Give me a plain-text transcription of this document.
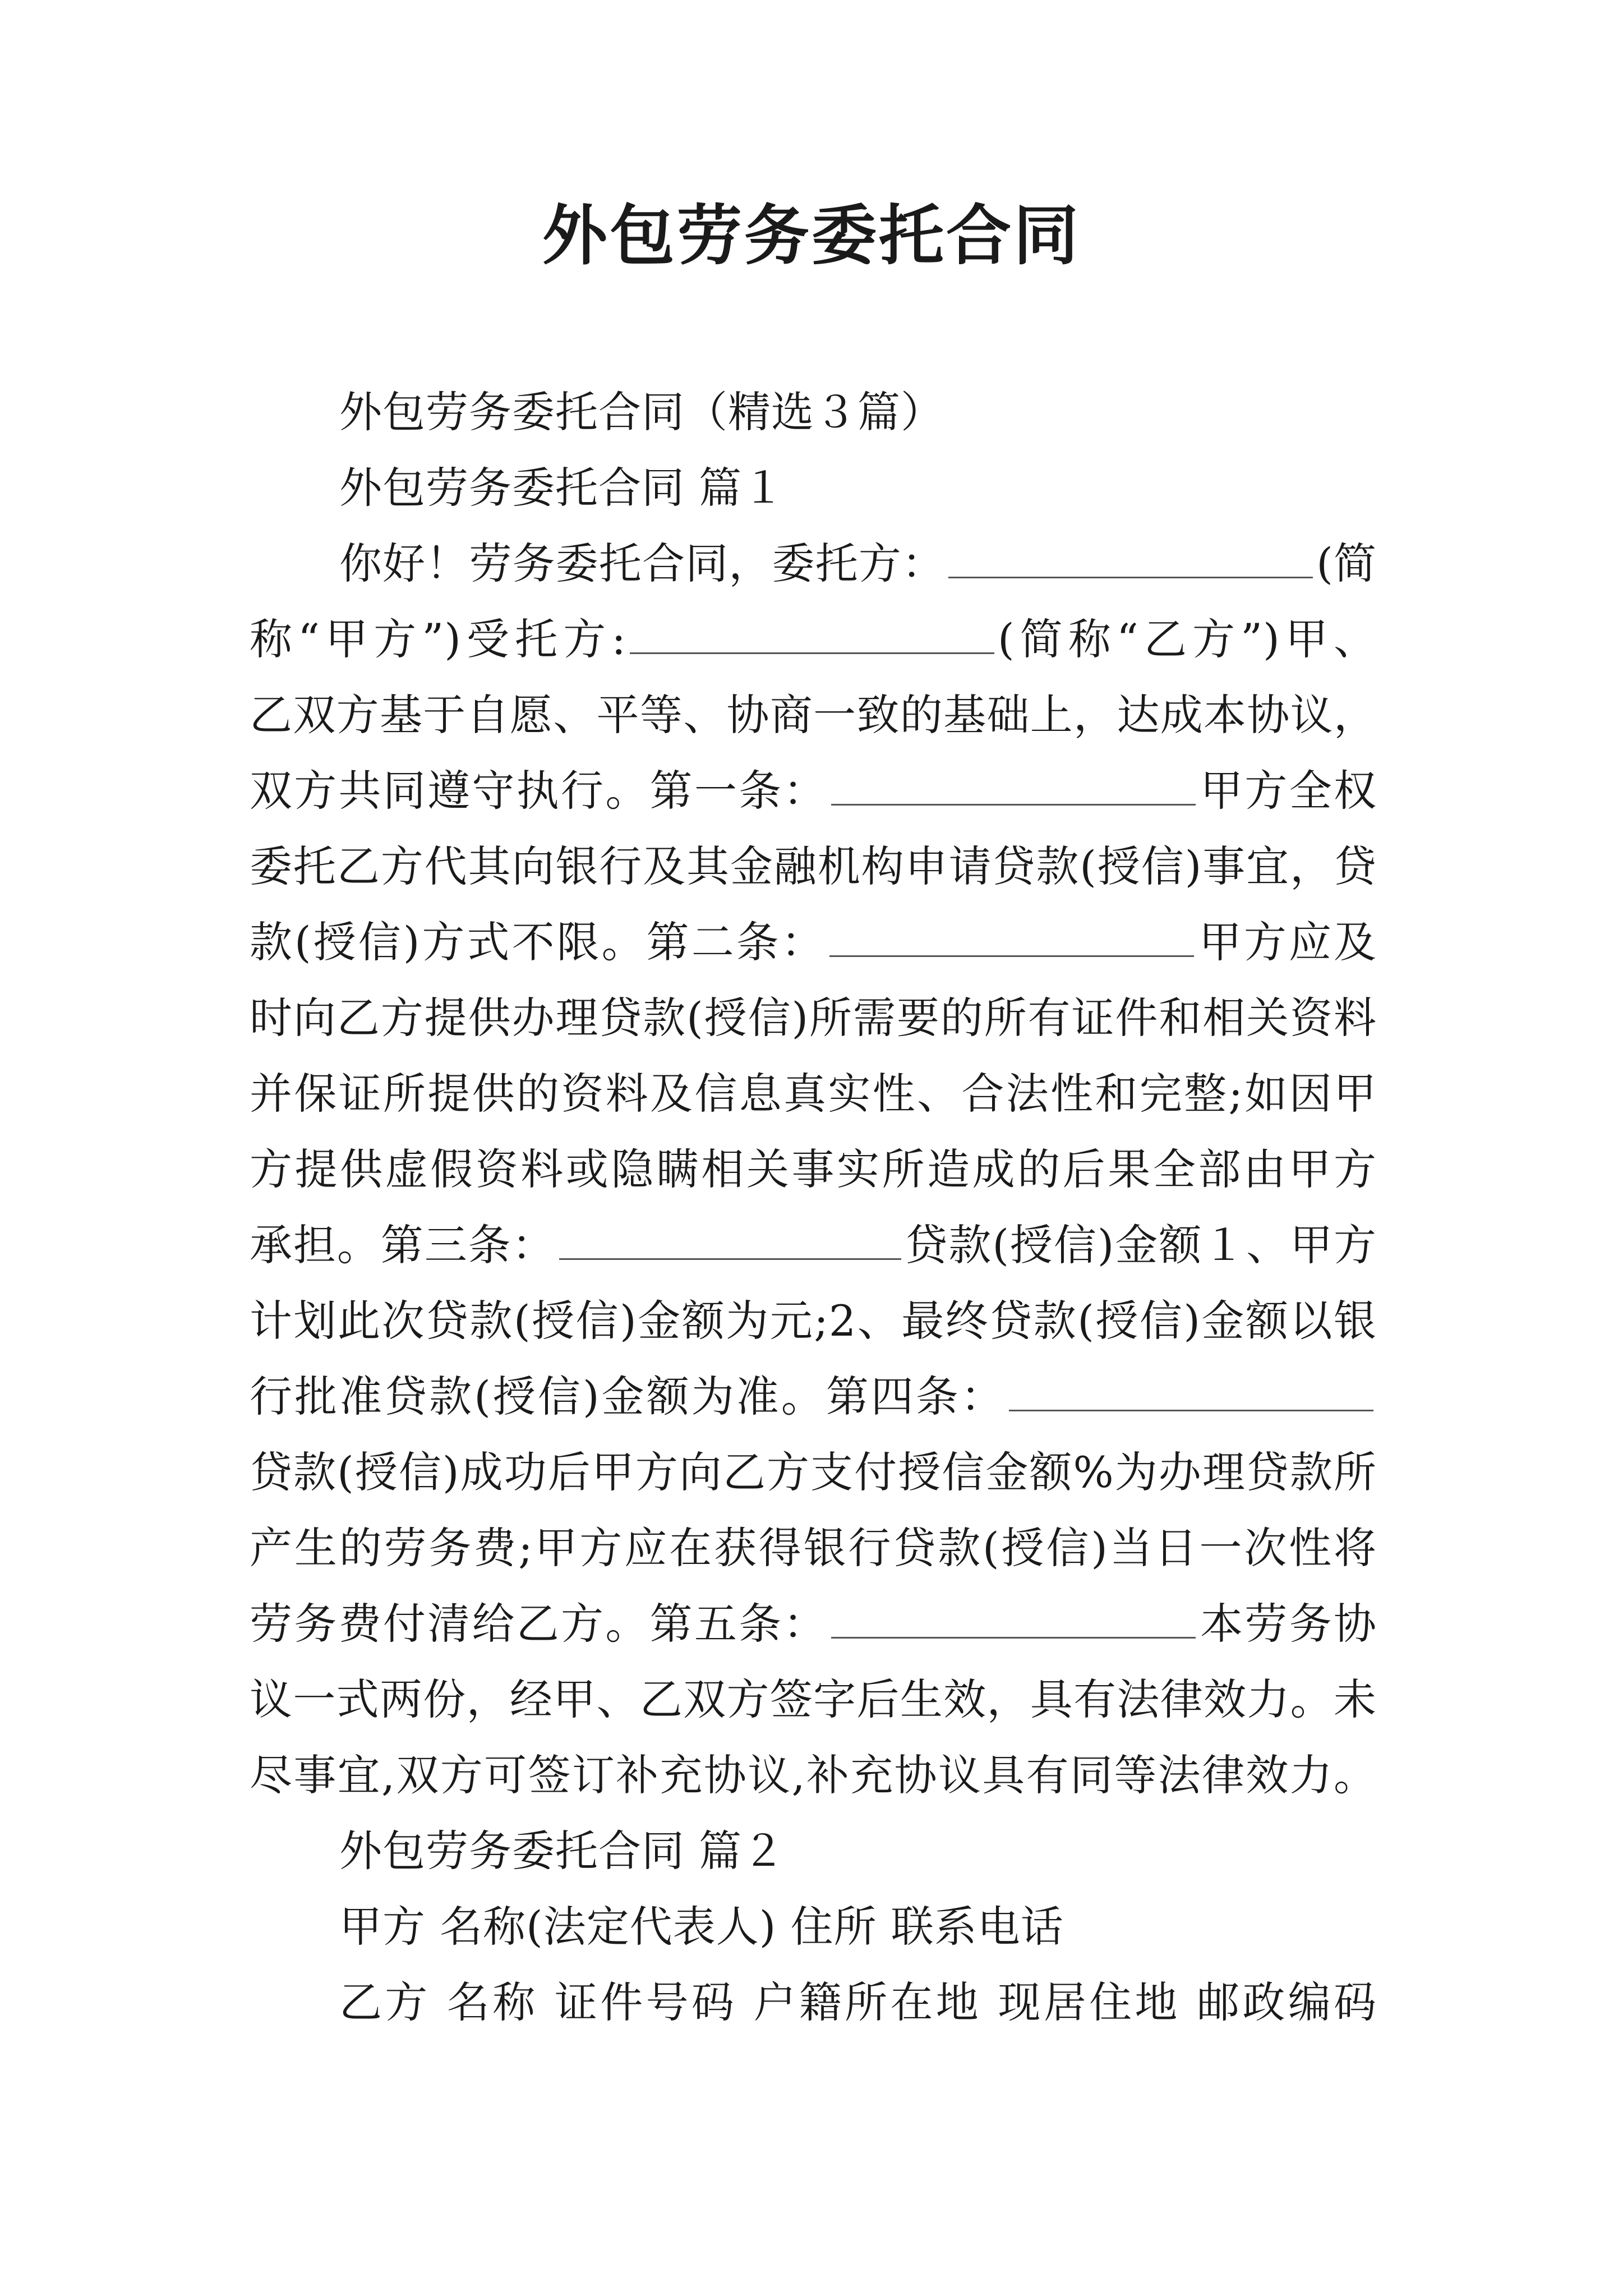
外包劳务委托合同
外包劳务委托合同（精选３篇）
外包劳务委托合同 篇１
你好！劳务委托合同，委托方：	(简
称“甲方”)受托方:	(简称“乙方”)甲、
乙双方基于自愿、平等、协商一致的基础上，达成本协议，
双方共同遵守执行。第一条：	甲方全权
委托乙方代其向银行及其金融机构申请贷款(授信)事宜，贷
款(授信)方式不限。第二条：	甲方应及
时向乙方提供办理贷款(授信)所需要的所有证件和相关资料
并保证所提供的资料及信息真实性、合法性和完整;如因甲
方提供虚假资料或隐瞒相关事实所造成的后果全部由甲方
承担。第三条：	贷款(授信)金额１、甲方
计划此次贷款(授信)金额为元;2、最终贷款(授信)金额以银
行批准贷款(授信)金额为准。第四条：
贷款(授信)成功后甲方向乙方支付授信金额%为办理贷款所
产生的劳务费;甲方应在获得银行贷款(授信)当日一次性将
劳务费付清给乙方。第五条：	本劳务协
议一式两份，经甲、乙双方签字后生效，具有法律效力。未
尽事宜,双方可签订补充协议,补充协议具有同等法律效力。
外包劳务委托合同 篇２
甲方 名称(法定代表人) 住所 联系电话
乙方 名称 证件号码 户籍所在地 现居住地 邮政编码
